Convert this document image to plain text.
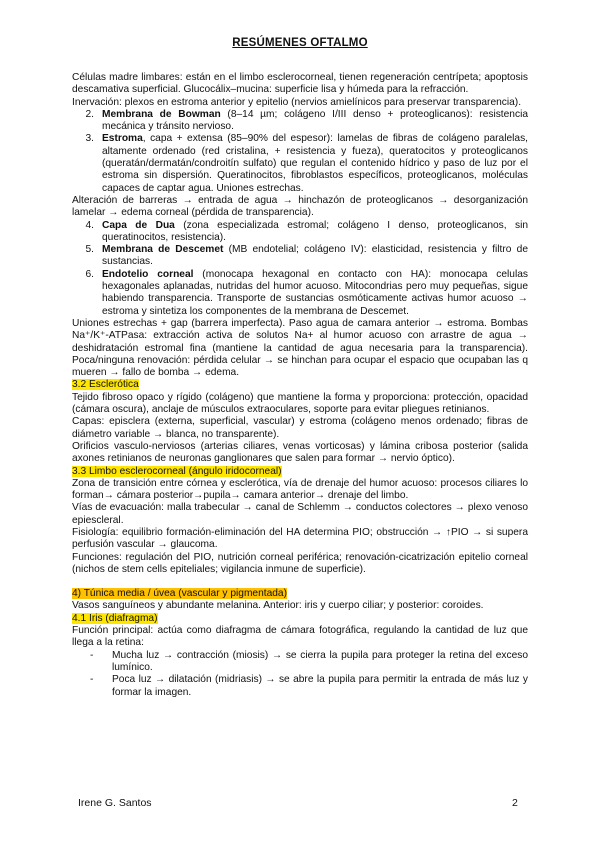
RESÚMENES OFTALMO

Células madre limbares: están en el limbo esclerocorneal, tienen regeneración centrípeta; apoptosis descamativa superficial. Glucocálix–mucina: superficie lisa y húmeda para la refracción.

Inervación: plexos en estroma anterior y epitelio (nervios amielínicos para preservar transparencia).

2. Membrana de Bowman (8–14 µm; colágeno I/III denso + proteoglicanos): resistencia mecánica y tránsito nervioso.
3. Estroma, capa + extensa (85–90% del espesor): lamelas de fibras de colágeno paralelas, altamente ordenado (red cristalina, + resistencia y fueza), queratocitos y proteoglicanos (queratán/dermatán/condroitín sulfato) que regulan el contenido hídrico y paso de luz por el estroma sin dispersión. Queratinocitos, fibroblastos específicos, proteoglicanos, moléculas capaces de captar agua. Uniones estrechas.

Alteración de barreras → entrada de agua → hinchazón de proteoglicanos → desorganización lamelar → edema corneal (pérdida de transparencia).

4. Capa de Dua (zona especializada estromal; colágeno I denso, proteoglicanos, sin queratinocitos, resistencia).
5. Membrana de Descemet (MB endotelial; colágeno IV): elasticidad, resistencia y filtro de sustancias.
6. Endotelio corneal (monocapa hexagonal en contacto con HA): monocapa celulas hexagonales aplanadas, nutridas del humor acuoso. Mitocondrias pero muy pequeñas, sigue habiendo transparencia. Transporte de sustancias osmóticamente activas humor acuoso → estroma y sintetiza los componentes de la membrana de Descemet.

Uniones estrechas + gap (barrera imperfecta). Paso agua de camara anterior → estroma. Bombas Na⁺/K⁺-ATPasa: extracción activa de solutos Na+ al humor acuoso con arrastre de agua → deshidratación estromal fina (mantiene la cantidad de agua necesaria para la transparencia). Poca/ninguna renovación: pérdida celular → se hinchan para ocupar el espacio que ocupaban las q mueren → fallo de bomba → edema.

3.2 Esclerótica

Tejido fibroso opaco y rígido (colágeno) que mantiene la forma y proporciona: protección, opacidad (cámara oscura), anclaje de músculos extraoculares, soporte para evitar pliegues retinianos.

Capas: episclera (externa, superficial, vascular) y estroma (colágeno menos ordenado; fibras de diámetro variable → blanca, no transparente).

Orificios vasculo-nerviosos (arterias ciliares, venas vorticosas) y lámina cribosa posterior (salida axones retinianos de neuronas ganglionares que salen para formar → nervio óptico).

3.3 Limbo esclerocorneal (ángulo iridocorneal)

Zona de transición entre córnea y esclerótica, vía de drenaje del humor acuoso: procesos ciliares lo forman→ cámara posterior→pupila→ camara anterior→ drenaje del limbo.

Vías de evacuación: malla trabecular → canal de Schlemm → conductos colectores → plexo venoso epiescleral.

Fisiología: equilibrio formación-eliminación del HA determina PIO; obstrucción → ↑PIO → si supera perfusión vascular → glaucoma.

Funciones: regulación del PIO, nutrición corneal periférica; renovación-cicatrización epitelio corneal (nichos de stem cells epiteliales; vigilancia inmune de superficie).

4) Túnica media / úvea (vascular y pigmentada)

Vasos sanguíneos y abundante melanina. Anterior: iris y cuerpo ciliar; y posterior: coroides.

4.1 Iris (diafragma)

Función principal: actúa como diafragma de cámara fotográfica, regulando la cantidad de luz que llega a la retina:

-	Mucha luz → contracción (miosis) → se cierra la pupila para proteger la retina del exceso lumínico.
-	Poca luz → dilatación (midriasis) → se abre la pupila para permitir la entrada de más luz y formar la imagen.
Irene G. Santos	2
